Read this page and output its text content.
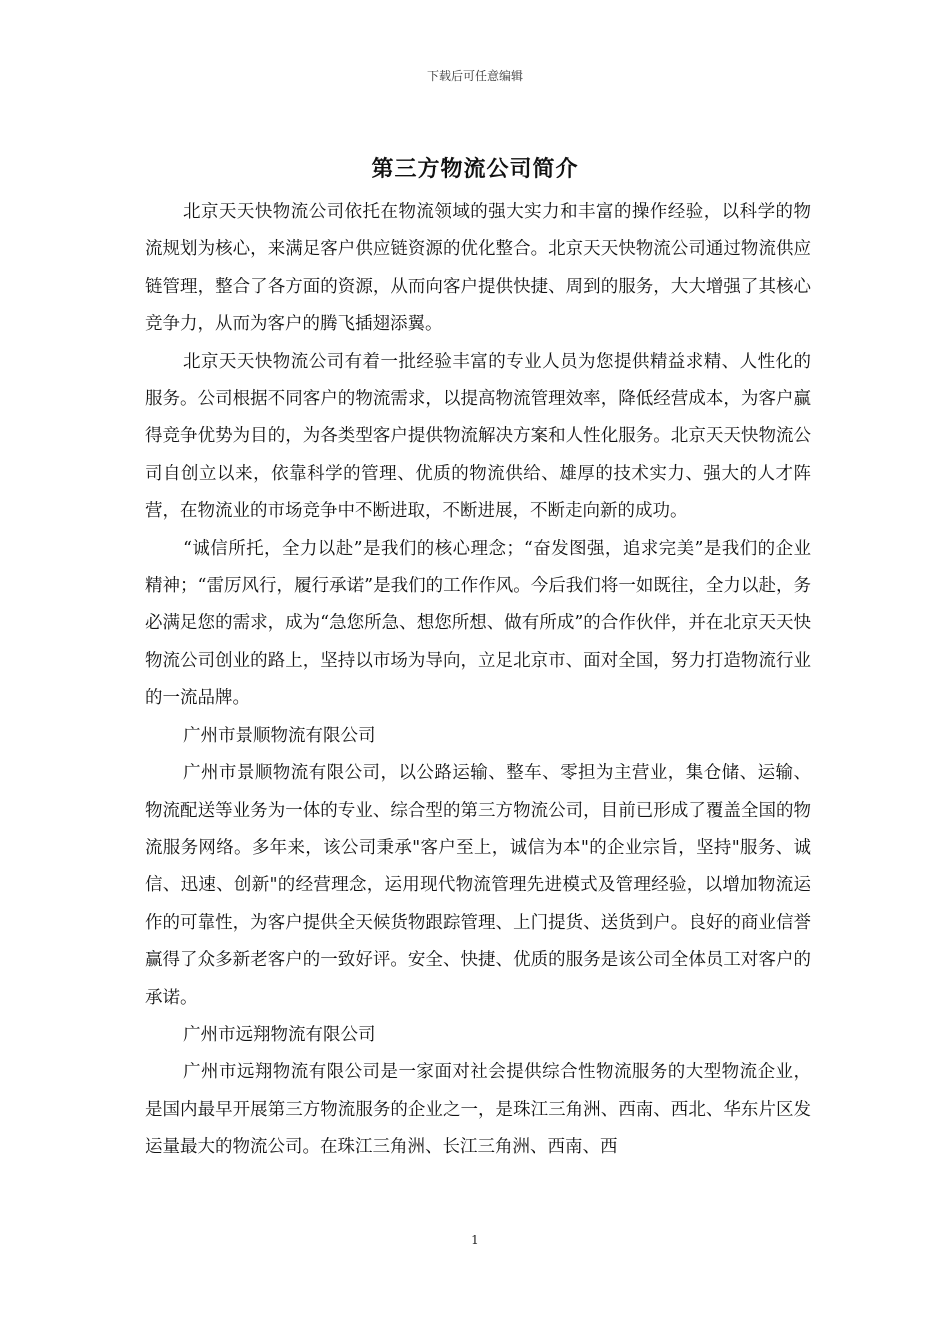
下载后可任意编辑
第三方物流公司简介

北京天天快物流公司依托在物流领域的强大实力和丰富的操作经验，以科学的物流规划为核心，来满足客户供应链资源的优化整合。北京天天快物流公司通过物流供应链管理，整合了各方面的资源，从而向客户提供快捷、周到的服务，大大增强了其核心竞争力，从而为客户的腾飞插翅添翼。

北京天天快物流公司有着一批经验丰富的专业人员为您提供精益求精、人性化的服务。公司根据不同客户的物流需求，以提高物流管理效率，降低经营成本，为客户赢得竞争优势为目的，为各类型客户提供物流解决方案和人性化服务。北京天天快物流公司自创立以来，依靠科学的管理、优质的物流供给、雄厚的技术实力、强大的人才阵营，在物流业的市场竞争中不断进取，不断进展，不断走向新的成功。

“诚信所托，全力以赴”是我们的核心理念；“奋发图强，追求完美”是我们的企业精神；“雷厉风行，履行承诺”是我们的工作作风。今后我们将一如既往，全力以赴，务必满足您的需求，成为“急您所急、想您所想、做有所成”的合作伙伴，并在北京天天快物流公司创业的路上，坚持以市场为导向，立足北京市、面对全国，努力打造物流行业的一流品牌。

广州市景顺物流有限公司

广州市景顺物流有限公司，以公路运输、整车、零担为主营业，集仓储、运输、物流配送等业务为一体的专业、综合型的第三方物流公司，目前已形成了覆盖全国的物流服务网络。多年来，该公司秉承"客户至上，诚信为本"的企业宗旨，坚持"服务、诚信、迅速、创新"的经营理念，运用现代物流管理先进模式及管理经验，以增加物流运作的可靠性，为客户提供全天候货物跟踪管理、上门提货、送货到户。良好的商业信誉赢得了众多新老客户的一致好评。安全、快捷、优质的服务是该公司全体员工对客户的承诺。

广州市远翔物流有限公司

广州市远翔物流有限公司是一家面对社会提供综合性物流服务的大型物流企业，是国内最早开展第三方物流服务的企业之一，是珠江三角洲、西南、西北、华东片区发运量最大的物流公司。在珠江三角洲、长江三角洲、西南、西

1
